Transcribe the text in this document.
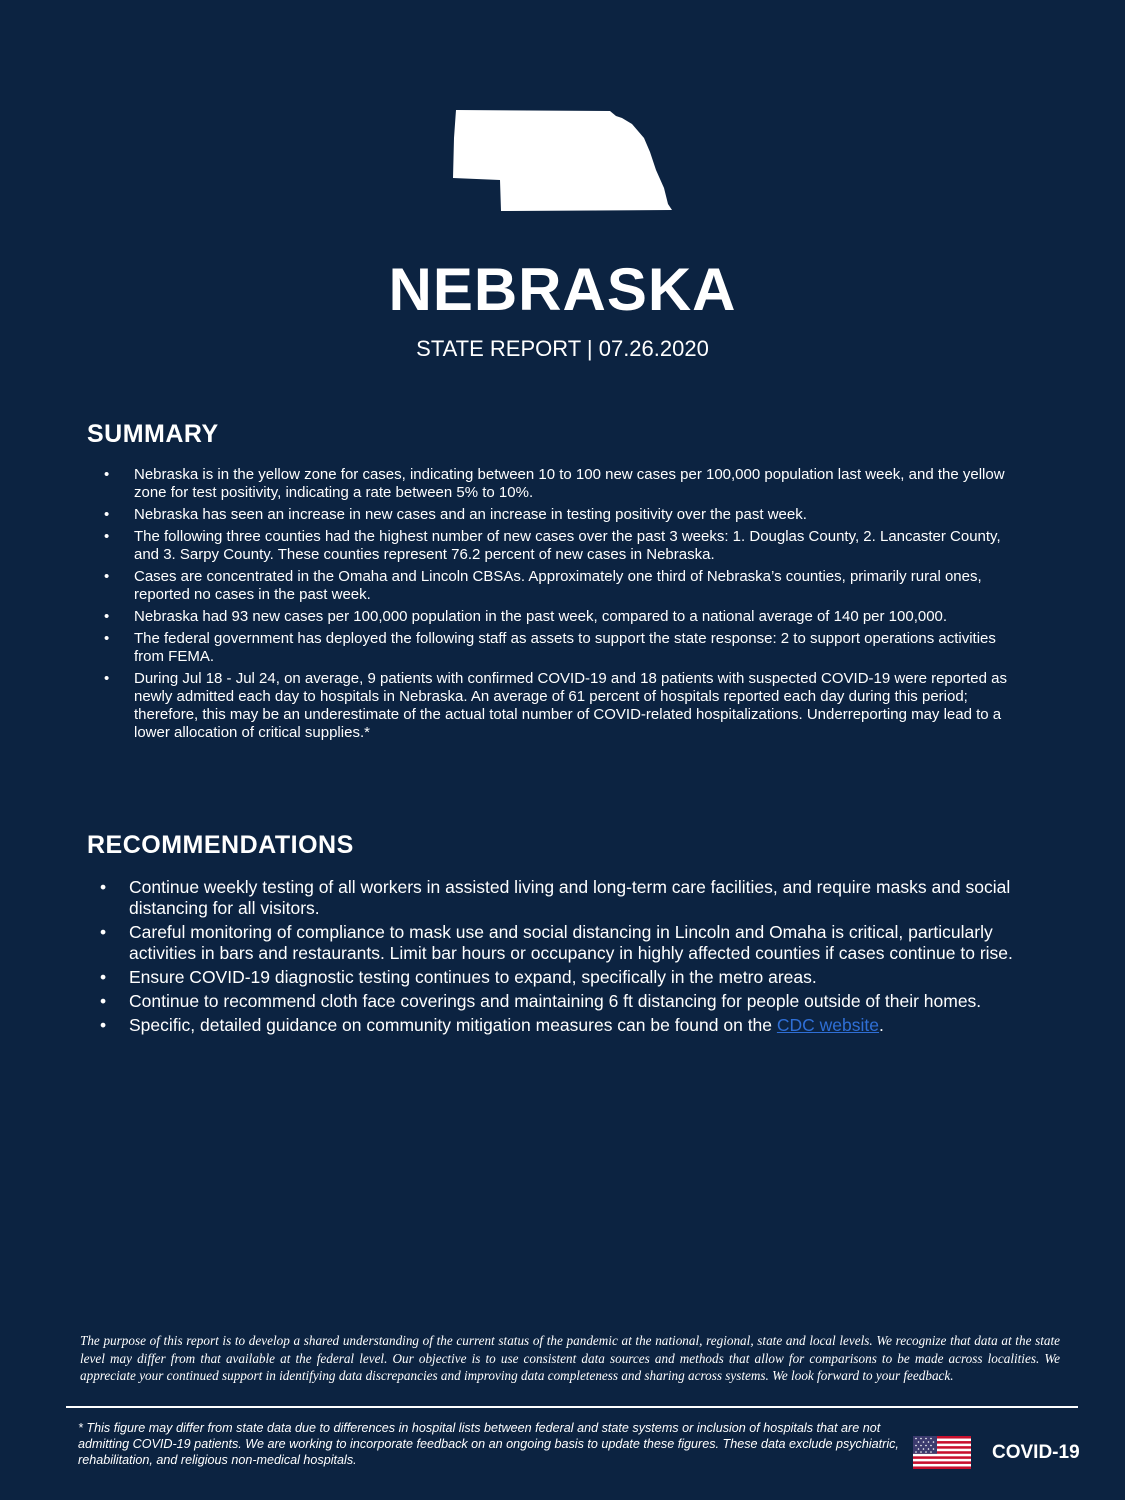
NEBRASKA

STATE REPORT | 07.26.2020

SUMMARY
• Nebraska is in the yellow zone for cases, indicating between 10 to 100 new cases per 100,000 population last week, and the yellow zone for test positivity, indicating a rate between 5% to 10%.
• Nebraska has seen an increase in new cases and an increase in testing positivity over the past week.
• The following three counties had the highest number of new cases over the past 3 weeks: 1. Douglas County, 2. Lancaster County, and 3. Sarpy County. These counties represent 76.2 percent of new cases in Nebraska.
• Cases are concentrated in the Omaha and Lincoln CBSAs. Approximately one third of Nebraska’s counties, primarily rural ones, reported no cases in the past week.
• Nebraska had 93 new cases per 100,000 population in the past week, compared to a national average of 140 per 100,000.
• The federal government has deployed the following staff as assets to support the state response: 2 to support operations activities from FEMA.
• During Jul 18 - Jul 24, on average, 9 patients with confirmed COVID-19 and 18 patients with suspected COVID-19 were reported as newly admitted each day to hospitals in Nebraska. An average of 61 percent of hospitals reported each day during this period; therefore, this may be an underestimate of the actual total number of COVID-related hospitalizations. Underreporting may lead to a lower allocation of critical supplies.*
RECOMMENDATIONS
• Continue weekly testing of all workers in assisted living and long-term care facilities, and require masks and social distancing for all visitors.
• Careful monitoring of compliance to mask use and social distancing in Lincoln and Omaha is critical, particularly activities in bars and restaurants. Limit bar hours or occupancy in highly affected counties if cases continue to rise.
• Ensure COVID-19 diagnostic testing continues to expand, specifically in the metro areas.
• Continue to recommend cloth face coverings and maintaining 6 ft distancing for people outside of their homes.
• Specific, detailed guidance on community mitigation measures can be found on the CDC website.

The purpose of this report is to develop a shared understanding of the current status of the pandemic at the national, regional, state and local levels. We recognize that data at the state level may differ from that available at the federal level. Our objective is to use consistent data sources and methods that allow for comparisons to be made across localities. We appreciate your continued support in identifying data discrepancies and improving data completeness and sharing across systems. We look forward to your feedback.

* This figure may differ from state data due to differences in hospital lists between federal and state systems or inclusion of hospitals that are not admitting COVID-19 patients. We are working to incorporate feedback on an ongoing basis to update these figures. These data exclude psychiatric, rehabilitation, and religious non-medical hospitals.	COVID-19
